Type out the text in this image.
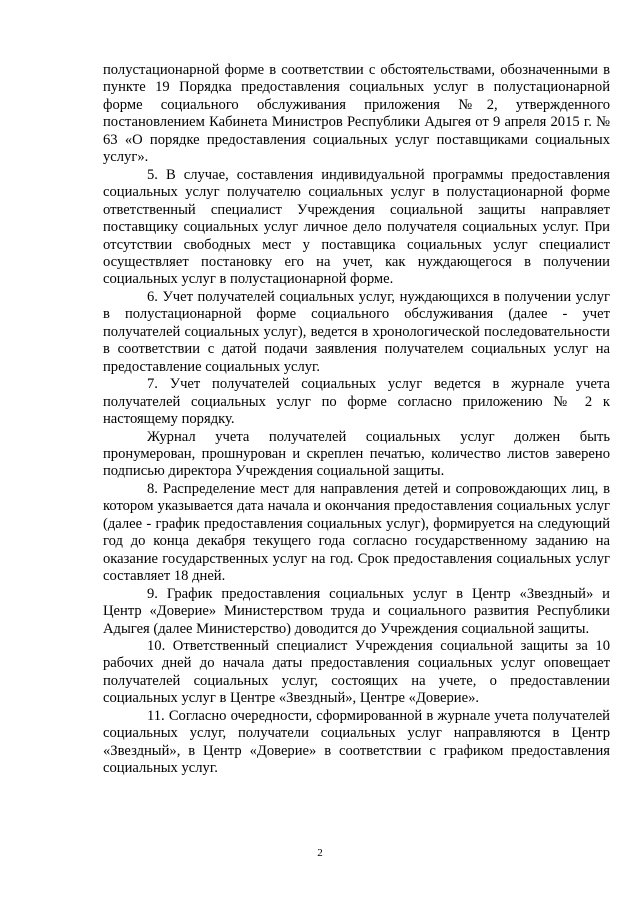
полустационарной форме в соответствии с обстоятельствами, обозначенными в пункте 19 Порядка предоставления социальных услуг в полустационарной форме социального обслуживания приложения №2, утвержденного постановлением Кабинета Министров Республики Адыгея от 9 апреля 2015 г. № 63 «О порядке предоставления социальных услуг поставщиками социальных услуг».

5. В случае, составления индивидуальной программы предоставления социальных услуг получателю социальных услуг в полустационарной форме ответственный специалист Учреждения социальной защиты направляет поставщику социальных услуг личное дело получателя социальных услуг. При отсутствии свободных мест у поставщика социальных услуг специалист осуществляет постановку его на учет, как нуждающегося в получении социальных услуг в полустационарной форме.

6. Учет получателей социальных услуг, нуждающихся в получении услуг в полустационарной форме социального обслуживания (далее - учет получателей социальных услуг), ведется в хронологической последовательности в соответствии с датой подачи заявления получателем социальных услуг на предоставление социальных услуг.

7. Учет получателей социальных услуг ведется в журнале учета получателей социальных услуг по форме согласно приложению № 2 к настоящему порядку.

Журнал учета получателей социальных услуг должен быть пронумерован, прошнурован и скреплен печатью, количество листов заверено подписью директора Учреждения социальной защиты.

8. Распределение мест для направления детей и сопровождающих лиц, в котором указывается дата начала и окончания предоставления социальных услуг (далее - график предоставления социальных услуг), формируется на следующий год до конца декабря текущего года согласно государственному заданию на оказание государственных услуг на год. Срок предоставления социальных услуг составляет 18 дней.

9. График предоставления социальных услуг в Центр «Звездный» и Центр «Доверие» Министерством труда и социального развития Республики Адыгея (далее Министерство) доводится до Учреждения социальной защиты.

10. Ответственный специалист Учреждения социальной защиты за 10 рабочих дней до начала даты предоставления социальных услуг оповещает получателей социальных услуг, состоящих на учете, о предоставлении социальных услуг в Центре «Звездный», Центре «Доверие».

11. Согласно очередности, сформированной в журнале учета получателей социальных услуг, получатели социальных услуг направляются в Центр «Звездный», в Центр «Доверие» в соответствии с графиком предоставления социальных услуг.

2
